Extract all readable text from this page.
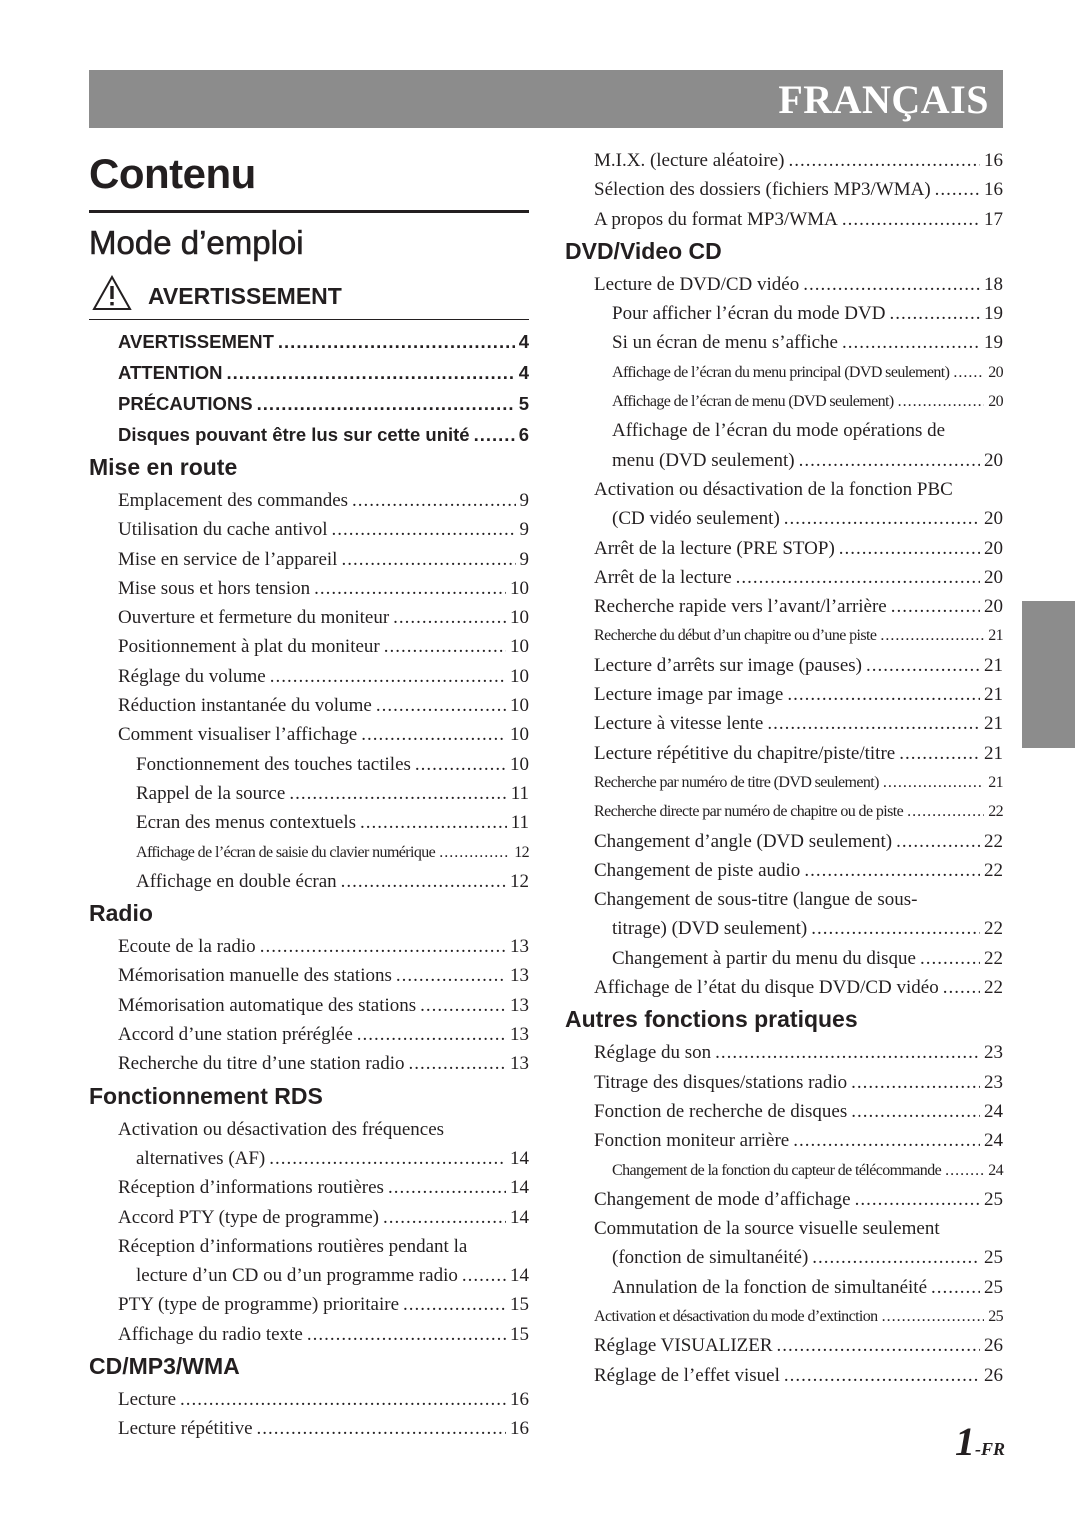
FRANÇAIS
Contenu
Mode d’emploi
AVERTISSEMENT
AVERTISSEMENT .....	4
ATTENTION .....	4
PRÉCAUTIONS .....	5
Disques pouvant être lus sur cette unité .....	6
Mise en route
Emplacement des commandes .....	9
Utilisation du cache antivol .....	9
Mise en service de l’appareil .....	9
Mise sous et hors tension .....	10
Ouverture et fermeture du moniteur .....	10
Positionnement à plat du moniteur .....	10
Réglage du volume .....	10
Réduction instantanée du volume .....	10
Comment visualiser l’affichage .....	10
Fonctionnement des touches tactiles .....	10
Rappel de la source .....	11
Ecran des menus contextuels .....	11
Affichage de l’écran de saisie du clavier numérique .....	12
Affichage en double écran .....	12
Radio
Ecoute de la radio .....	13
Mémorisation manuelle des stations .....	13
Mémorisation automatique des stations .....	13
Accord d’une station préréglée .....	13
Recherche du titre d’une station radio .....	13
Fonctionnement RDS
Activation ou désactivation des fréquences
alternatives (AF) .....	14
Réception d’informations routières .....	14
Accord PTY (type de programme) .....	14
Réception d’informations routières pendant la
lecture d’un CD ou d’un programme radio .....	14
PTY (type de programme) prioritaire .....	15
Affichage du radio texte .....	15
CD/MP3/WMA
Lecture .....	16
Lecture répétitive .....	16
M.I.X. (lecture aléatoire) .....	16
Sélection des dossiers (fichiers MP3/WMA) .....	16
A propos du format MP3/WMA .....	17
DVD/Video CD
Lecture de DVD/CD vidéo .....	18
Pour afficher l’écran du mode DVD .....	19
Si un écran de menu s’affiche .....	19
Affichage de l’écran du menu principal (DVD seulement) ..... 20
Affichage de l’écran de menu (DVD seulement) .....	20
Affichage de l’écran du mode opérations de
menu (DVD seulement) .....	20
Activation ou désactivation de la fonction PBC
(CD vidéo seulement) .....	20
Arrêt de la lecture (PRE STOP) .....	20
Arrêt de la lecture .....	20
Recherche rapide vers l’avant/l’arrière .....	20
Recherche du début d’un chapitre ou d’une piste .....	21
Lecture d’arrêts sur image (pauses) .....	21
Lecture image par image .....	21
Lecture à vitesse lente .....	21
Lecture répétitive du chapitre/piste/titre .....	21
Recherche par numéro de titre (DVD seulement) .....	21
Recherche directe par numéro de chapitre ou de piste .....	22
Changement d’angle (DVD seulement) .....	22
Changement de piste audio .....	22
Changement de sous-titre (langue de sous-
titrage) (DVD seulement) .....	22
Changement à partir du menu du disque .....	22
Affichage de l’état du disque DVD/CD vidéo ..... 22
Autres fonctions pratiques
Réglage du son .....	23
Titrage des disques/stations radio .....	23
Fonction de recherche de disques .....	24
Fonction moniteur arrière .....	24
Changement de la fonction du capteur de télécommande .....	24
Changement de mode d’affichage .....	25
Commutation de la source visuelle seulement
(fonction de simultanéité) .....	25
Annulation de la fonction de simultanéité .....	25
Activation et désactivation du mode d’extinction .....	25
Réglage VISUALIZER .....	26
Réglage de l’effet visuel .....	26
1-FR
